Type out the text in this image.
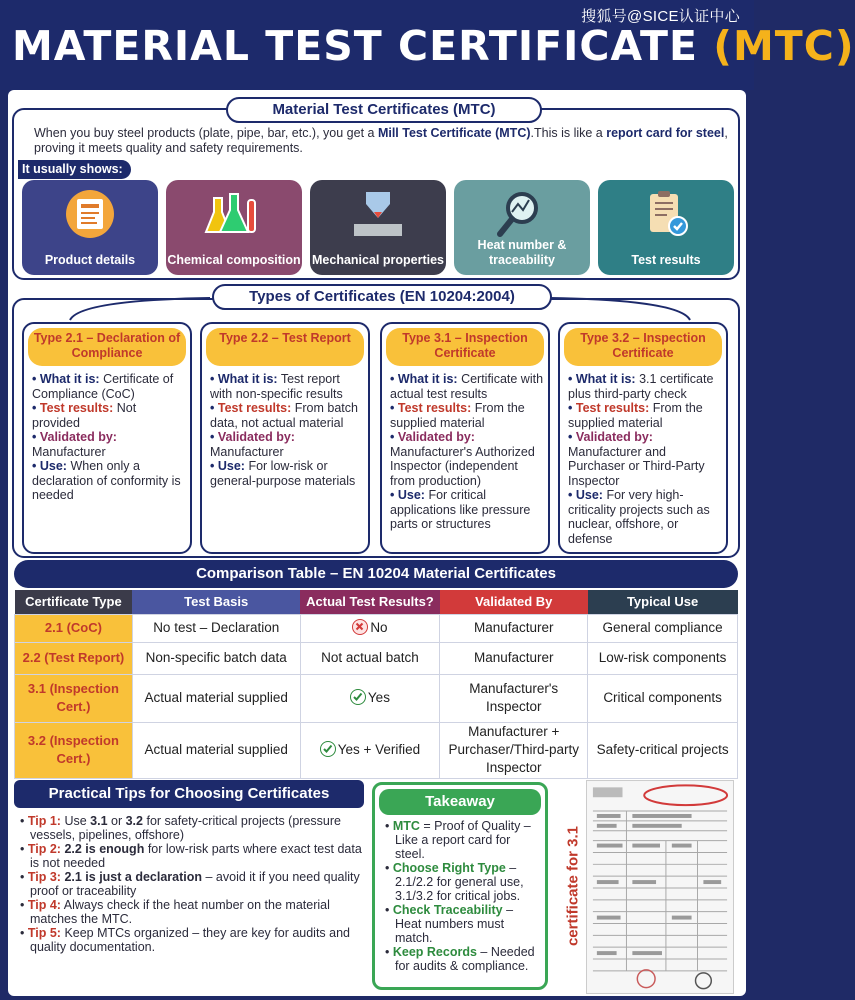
搜狐号@SICE认证中心
MATERIAL TEST CERTIFICATE (MTC)
When you buy steel products (plate, pipe, bar, etc.), you get a Mill Test Certificate (MTC).This is like a report card for steel, proving it meets quality and safety requirements.
It usually shows:
Product details	Chemical composition Mechanical properties
Heat number & traceability	Test results
Material Test Certificates (MTC)
Type 2.1 – Declaration of Compliance

• What it is: Certificate of Compliance (CoC)

• Test results: Not provided

• Validated by: Manufacturer

• Use: When only a declaration of conformity is needed

Type 2.2 – Test Report

• What it is: Test report with non-specific results

• Test results: From batch data, not actual material

• Validated by: Manufacturer

• Use: For low-risk or general-purpose materials

Type 3.1 – Inspection Certificate

• What it is: Certificate with actual test results

• Test results: From the supplied material

• Validated by: Manufacturer's Authorized Inspector (independent from production)

• Use: For critical applications like pressure parts or structures

Type 3.2 – Inspection Certificate

• What it is: 3.1 certificate plus third-party check

• Test results: From the supplied material

• Validated by: Manufacturer and Purchaser or Third-Party Inspector

• Use: For very high-criticality projects such as nuclear, offshore, or defense

Types of Certificates (EN 10204:2004)
Comparison Table – EN 10204 Material Certificates
Certificate Type	Test Basis	Actual Test Results?	Validated By	Typical Use
2.1 (CoC)	No test – Declaration	No	Manufacturer	General compliance
2.2 (Test Report)	Non-specific batch data	Not actual batch	Manufacturer	Low-risk components
3.1 (Inspection Cert.)	Actual material supplied	Yes	Manufacturer's Inspector	Critical components
3.2 (Inspection Cert.)	Actual material supplied	Yes + Verified	Manufacturer + Purchaser/Third-party Inspector	Safety-critical projects
Practical Tips for Choosing Certificates

• Tip 1: Use 3.1 or 3.2 for safety-critical projects (pressure vessels, pipelines, offshore)

• Tip 2: 2.2 is enough for low-risk parts where exact test data is not needed

• Tip 3: 2.1 is just a declaration – avoid it if you need quality proof or traceability

• Tip 4: Always check if the heat number on the material matches the MTC.

• Tip 5: Keep MTCs organized – they are key for audits and quality documentation.

Takeaway

• MTC = Proof of Quality – Like a report card for steel.

• Choose Right Type – 2.1/2.2 for general use, 3.1/3.2 for critical jobs.

• Check Traceability – Heat numbers must match.

• Keep Records – Needed for audits & compliance.

certificate for 3.1
